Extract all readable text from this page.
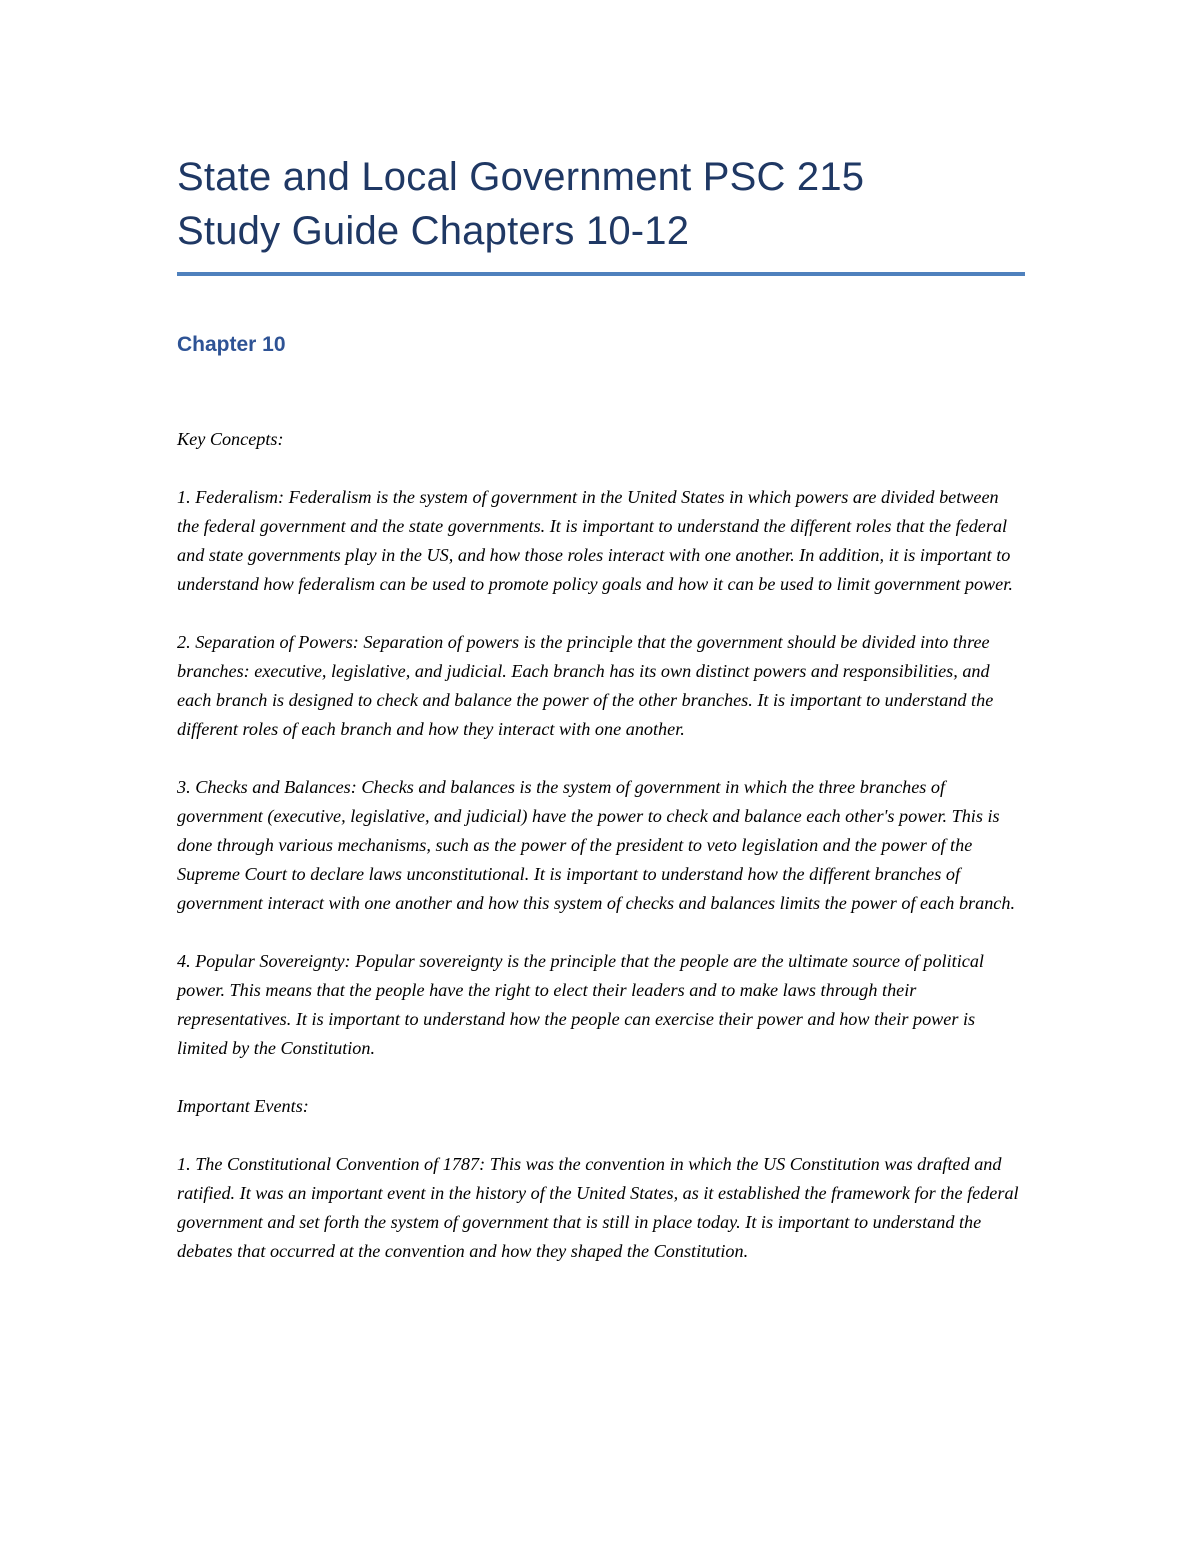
State and Local Government PSC 215
Study Guide Chapters 10-12
Chapter 10

Key Concepts:

1. Federalism: Federalism is the system of government in the United States in which powers are divided between the federal government and the state governments. It is important to understand the different roles that the federal and state governments play in the US, and how those roles interact with one another. In addition, it is important to understand how federalism can be used to promote policy goals and how it can be used to limit government power.

2. Separation of Powers: Separation of powers is the principle that the government should be divided into three branches: executive, legislative, and judicial. Each branch has its own distinct powers and responsibilities, and each branch is designed to check and balance the power of the other branches. It is important to understand the different roles of each branch and how they interact with one another.

3. Checks and Balances: Checks and balances is the system of government in which the three branches of government (executive, legislative, and judicial) have the power to check and balance each other's power. This is done through various mechanisms, such as the power of the president to veto legislation and the power of the Supreme Court to declare laws unconstitutional. It is important to understand how the different branches of government interact with one another and how this system of checks and balances limits the power of each branch.

4. Popular Sovereignty: Popular sovereignty is the principle that the people are the ultimate source of political power. This means that the people have the right to elect their leaders and to make laws through their representatives. It is important to understand how the people can exercise their power and how their power is limited by the Constitution.

Important Events:

1. The Constitutional Convention of 1787: This was the convention in which the US Constitution was drafted and ratified. It was an important event in the history of the United States, as it established the framework for the federal government and set forth the system of government that is still in place today. It is important to understand the debates that occurred at the convention and how they shaped the Constitution.
